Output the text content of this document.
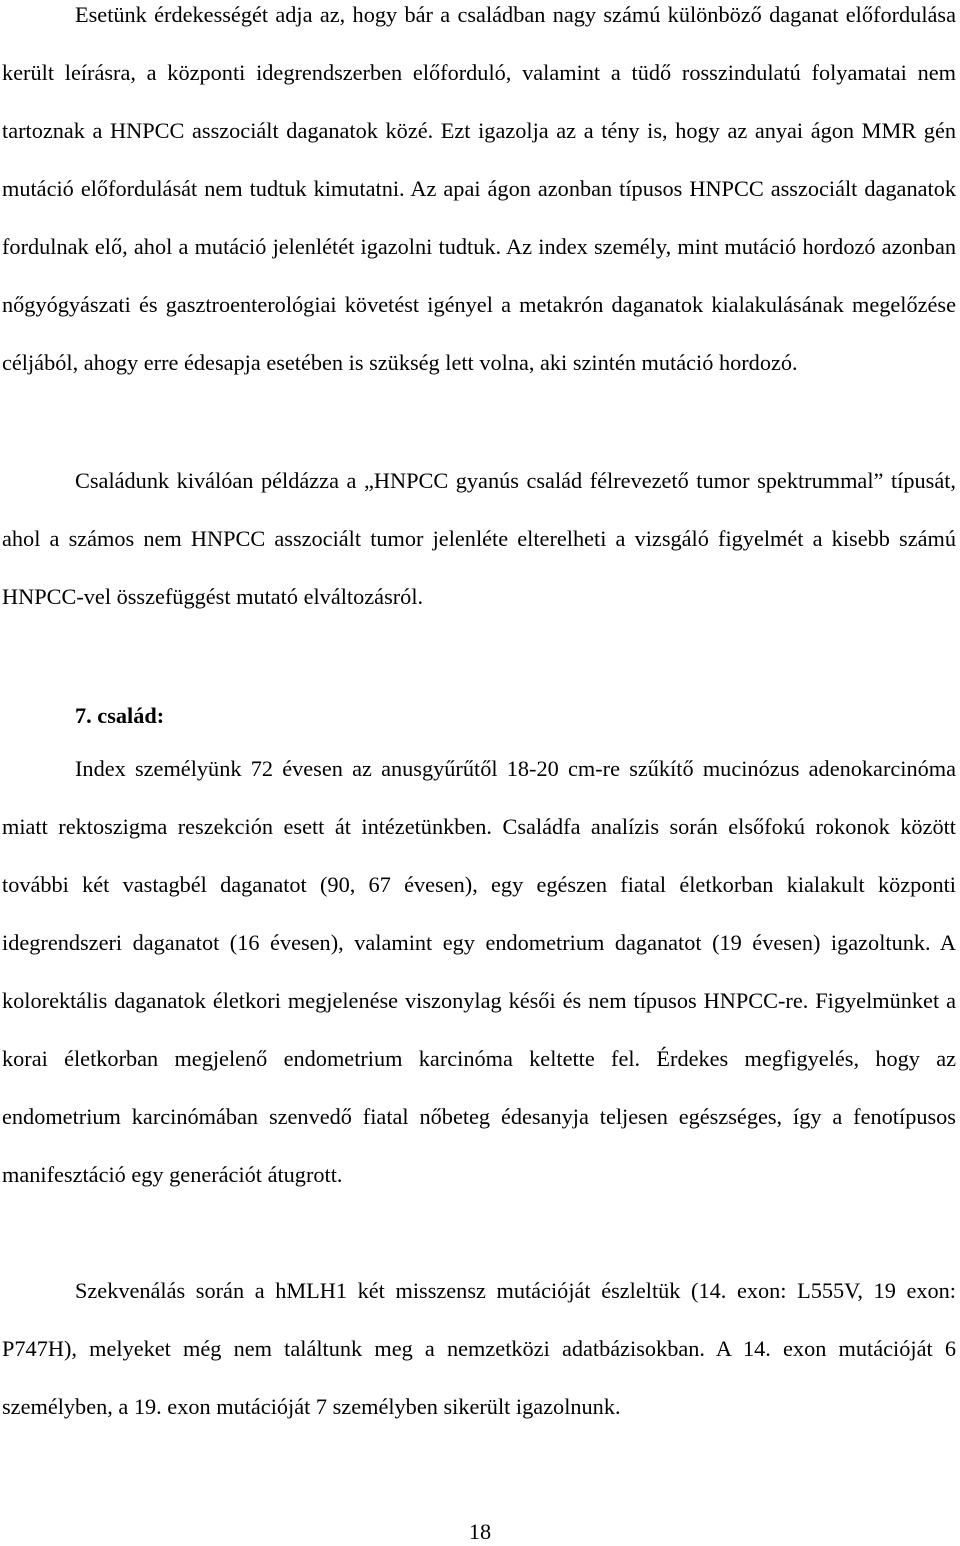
Esetünk érdekességét adja az, hogy bár a családban nagy számú különböző daganat előfordulása került leírásra, a központi idegrendszerben előforduló, valamint a tüdő rosszindulatú folyamatai nem tartoznak a HNPCC asszociált daganatok közé. Ezt igazolja az a tény is, hogy az anyai ágon MMR gén mutáció előfordulását nem tudtuk kimutatni. Az apai ágon azonban típusos HNPCC asszociált daganatok fordulnak elő, ahol a mutáció jelenlétét igazolni tudtuk. Az index személy, mint mutáció hordozó azonban nőgyógyászati és gasztroenterológiai követést igényel a metakrón daganatok kialakulásának megelőzése céljából, ahogy erre édesapja esetében is szükség lett volna, aki szintén mutáció hordozó.

Családunk kiválóan példázza a „HNPCC gyanús család félrevezető tumor spektrummal” típusát, ahol a számos nem HNPCC asszociált tumor jelenléte elterelheti a vizsgáló figyelmét a kisebb számú HNPCC-vel összefüggést mutató elváltozásról.

7. család:

Index személyünk 72 évesen az anusgyűrűtől 18-20 cm-re szűkítő mucinózus adenokarcinóma miatt rektoszigma reszekción esett át intézetünkben. Családfa analízis során elsőfokú rokonok között további két vastagbél daganatot (90, 67 évesen), egy egészen fiatal életkorban kialakult központi idegrendszeri daganatot (16 évesen), valamint egy endometrium daganatot (19 évesen) igazoltunk. A kolorektális daganatok életkori megjelenése viszonylag késői és nem típusos HNPCC-re. Figyelmünket a korai életkorban megjelenő endometrium karcinóma keltette fel. Érdekes megfigyelés, hogy az endometrium karcinómában szenvedő fiatal nőbeteg édesanyja teljesen egészséges, így a fenotípusos manifesztáció egy generációt átugrott.

Szekvenálás során a hMLH1 két misszensz mutációját észleltük (14. exon: L555V, 19 exon: P747H), melyeket még nem találtunk meg a nemzetközi adatbázisokban. A 14. exon mutációját 6 személyben, a 19. exon mutációját 7 személyben sikerült igazolnunk.

18
